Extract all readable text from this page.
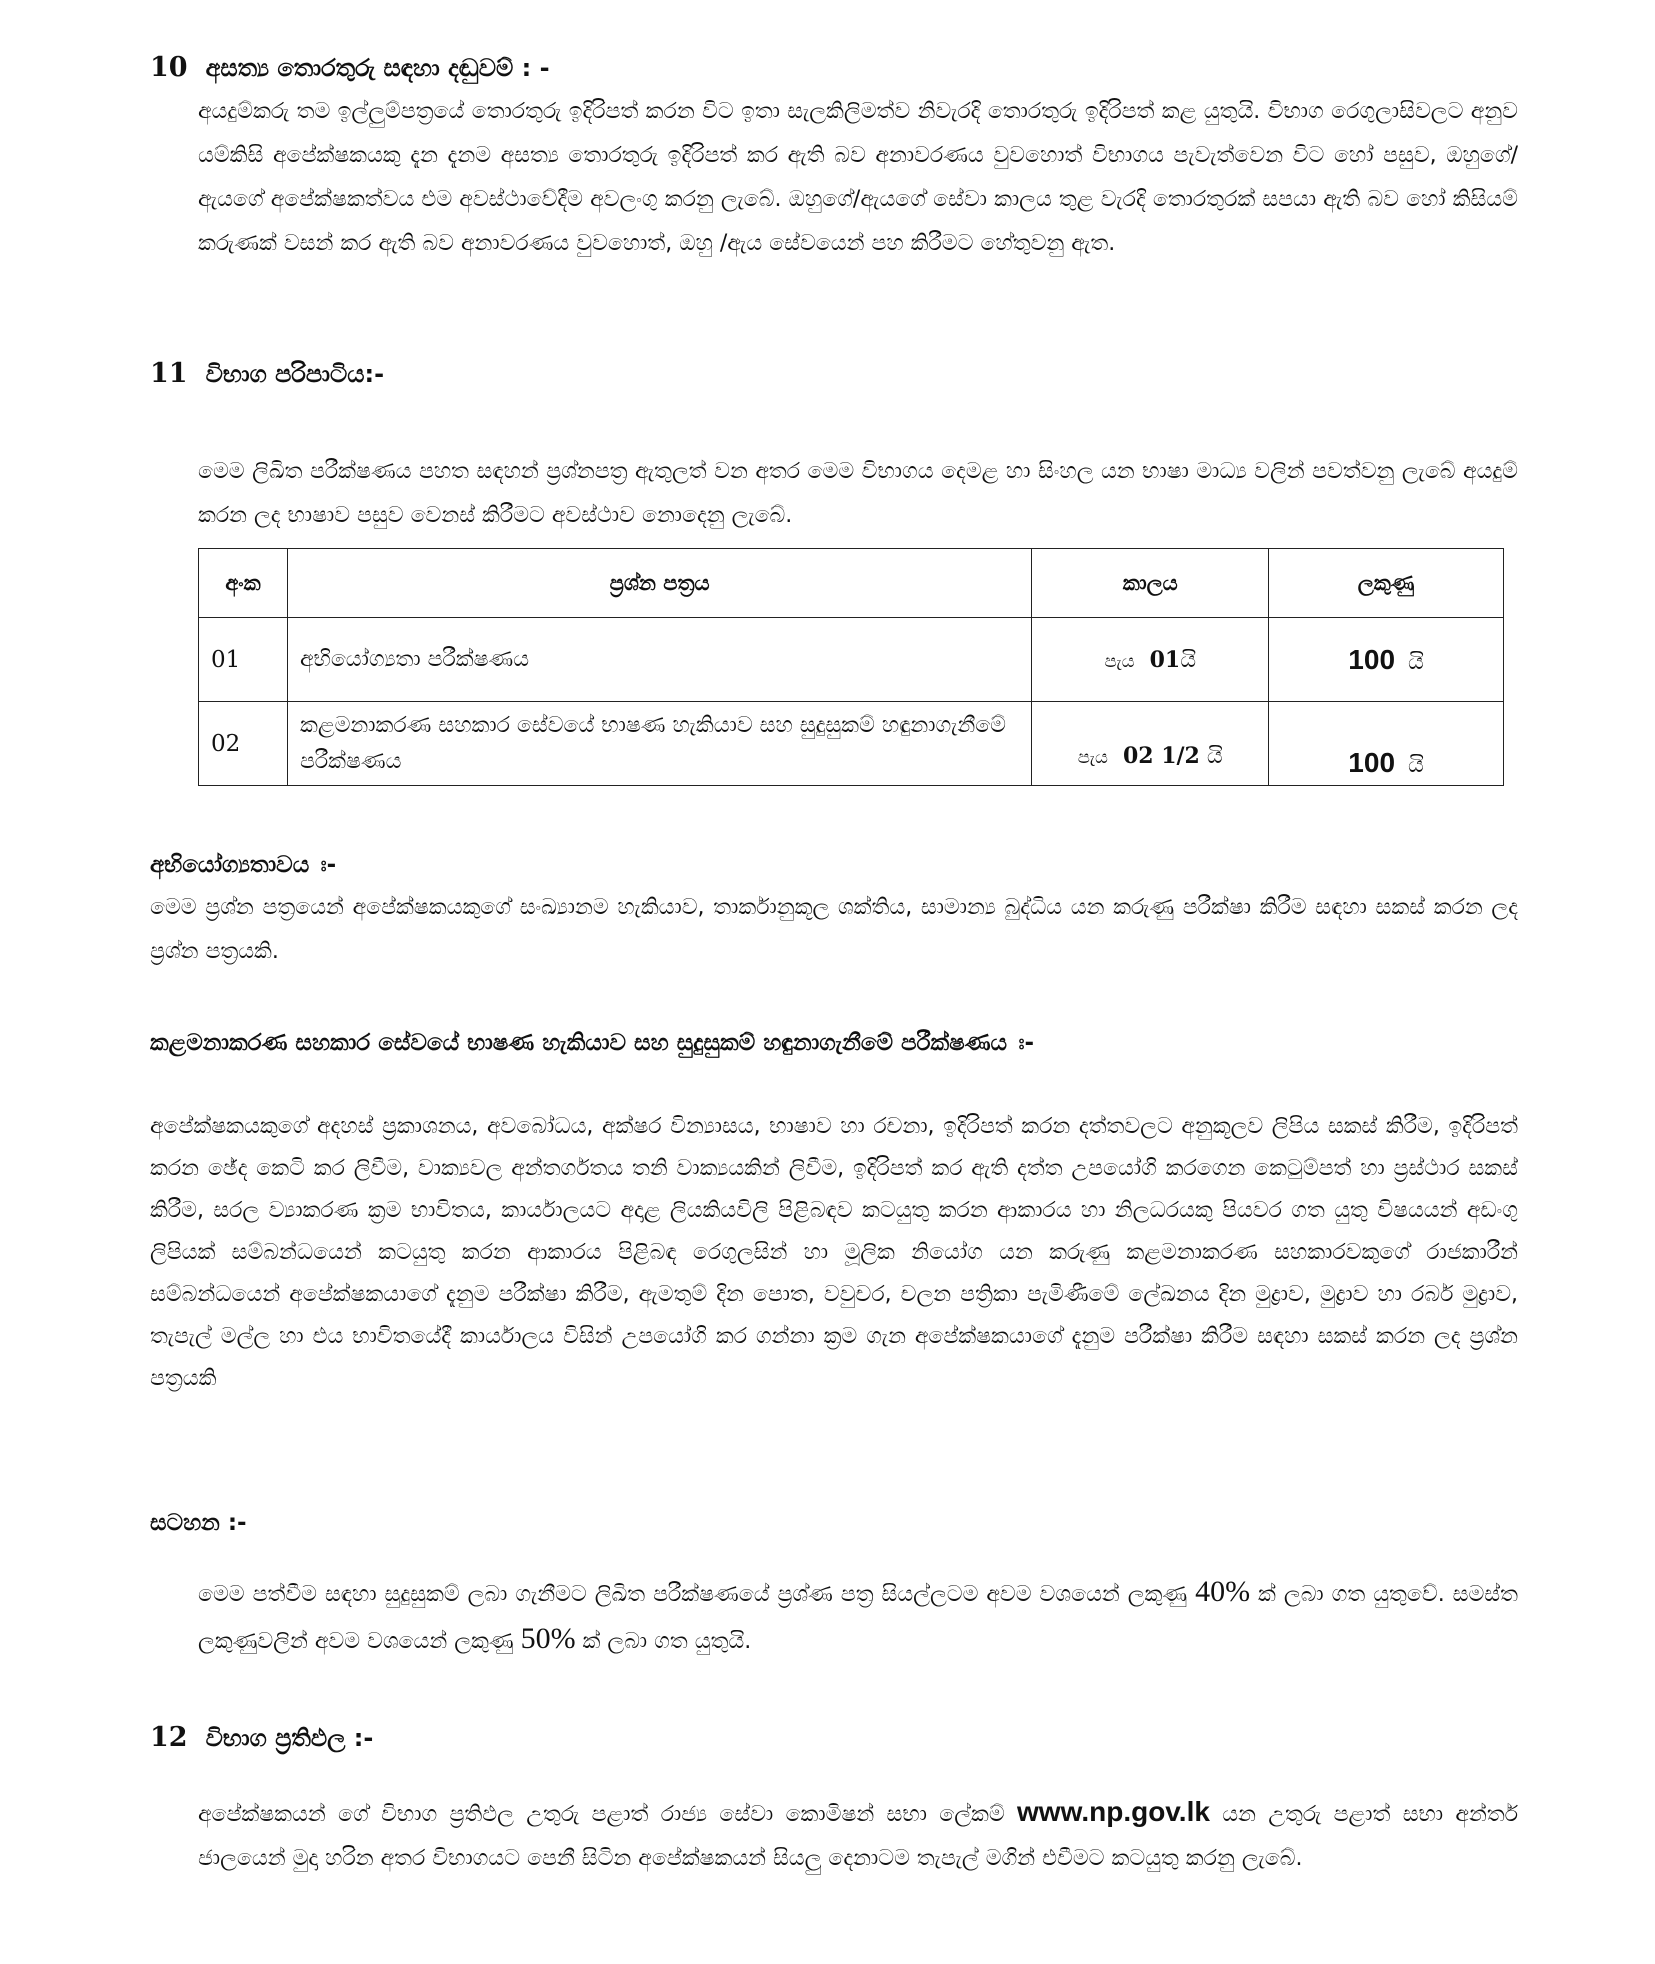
10 අසත්‍ය තොරතුරු සඳහා දඬුවම් : -
අයදුම්කරු තම ඉල්ලුම්පත්‍රයේ තොරතුරු ඉදිරිපත් කරන විට ඉතා සැලකිලිමත්ව නිවැරදි තොරතුරු ඉදිරිපත් කළ යුතුයි. විභාග රෙගුලාසිවලට අනුව යම්කිසි අපේක්ෂකයකු දැන දැනම අසත්‍ය තොරතුරු ඉදිරිපත් කර ඇති බව අනාවරණය වුවහොත් විභාගය පැවැත්වෙන විට හෝ පසුව, ඔහුගේ/ඇයගේ අපේක්ෂකත්වය එම අවස්ථාවේදීම අවලංගු කරනු ලැබේ. ඔහුගේ/ඇයගේ සේවා කාලය තුළ වැරදි තොරතුරක් සපයා ඇති බව හෝ කිසියම් කරුණක් වසන් කර ඇති බව අනාවරණය වුවහොත්, ඔහු /ඇය සේවයෙන් පහ කිරීමට හේතුවනු ඇත.
11 විභාග පරිපාටිය:-
මෙම ලිඛිත පරීක්ෂණය පහත සඳහන් ප්‍රශ්නපත්‍ර ඇතුලත් වන අතර මෙම විභාගය දෙමළ හා සිංහල යන භාෂා මාධ්‍ය වලින් පවත්වනු ලැබේ අයදුම් කරන ලද භාෂාව පසුව වෙනස් කිරීමට අවස්ථාව නොදෙනු ලැබේ.
අංක	ප්‍රශ්න පත්‍රය	කාලය	ලකුණු
01	අභියෝග්‍යතා පරීක්ෂණය	පැය 01යි	100 යි
02	කළමනාකරණ සහකාර සේවයේ භාෂණ හැකියාව සහ සුදුසුකම් හඳුනාගැනීමේ පරීක්ෂණය	පැය 02 1/2 යි	100 යි
අභියෝග්‍යතාවය ඃ-
මෙම ප්‍රශ්න පත්‍රයෙන් අපේක්ෂකයකුගේ සංඛ්‍යානම හැකියාව, තාර්කානුකූල ශක්තිය, සාමාන්‍ය බුද්ධිය යන කරුණු පරීක්ෂා කිරීම සඳහා සකස් කරන ලද ප්‍රශ්න පත්‍රයකි.
කළමනාකරණ සහකාර සේවයේ භාෂණ හැකියාව සහ සුදුසුකම් හඳුනාගැනීමේ පරීක්ෂණය ඃ-
අපේක්ෂකයකුගේ අදහස් ප්‍රකාශනය, අවබෝධය, අක්ෂර වින්‍යාසය, භාෂාව හා රචනා, ඉදිරිපත් කරන දත්තවලට අනුකූලව ලිපිය සකස් කිරීම, ඉදිරිපත් කරන ඡේද කෙටි කර ලිවීම, වාක්‍යවල අන්තර්ගතය තනි වාක්‍යයකින් ලිවීම, ඉදිරිපත් කර ඇති දත්ත උපයෝගි කරගෙන කෙටුම්පත් හා ප්‍රස්ථාර සකස් කිරීම, සරල ව්‍යාකරණ ක්‍රම භාවිතය, කාර්යාලයට අදාළ ලියකියවිලි පිළිබඳව කටයුතු කරන ආකාරය හා නිලධරයකු පියවර ගත යුතු විෂයයන් අඩංගු ලිපියක් සම්බන්ධයෙන් කටයුතු කරන ආකාරය පිළිබඳ රෙගුලසින් හා මූලික නියෝග යන කරුණු කළමනාකරණ සහකාරවකුගේ රාජකාරීන් සම්බන්ධයෙන් අපේක්ෂකයාගේ දැනුම පරීක්ෂා කිරීම, ඇමතුම් දින පොත, වවුචර, චලන පත්‍රිකා පැමිණීමේ ලේඛනය දින මුද්‍රාව, මුද්‍රාව හා රබර් මුද්‍රාව, තැපැල් මල්ල හා එය භාවිතයේදී කාර්යාලය විසින් උපයෝගි කර ගන්නා ක්‍රම ගැන අපේක්ෂකයාගේ දැනුම පරීක්ෂා කිරීම සඳහා සකස් කරන ලද ප්‍රශ්න පත්‍රයකි
සටහන :-
මෙම පත්වීම සඳහා සුදුසුකම් ලබා ගැනීමට ලිඛිත පරීක්ෂණයේ ප්‍රශ්ණ පත්‍ර සියල්ලටම අවම වශයෙන් ලකුණු 40% ක් ලබා ගත යුතුවේ. සමස්ත ලකුණුවලින් අවම වශයෙන් ලකුණු 50% ක් ලබා ගත යුතුයි.
12 විභාග ප්‍රතිඵල :-
අපේක්ෂකයන් ගේ විභාග ප්‍රතිඵල උතුරු පළාත් රාජ්‍ය සේවා කොමිෂන් සභා ලේකම් www.np.gov.lk යන උතුරු පළාත් සභා අන්තර් ජාලයෙන් මුදා හරින අතර විභාගයට පෙනී සිටින අපේක්ෂකයන් සියලු දෙනාටම තැපැල් මගින් එවීමට කටයුතු කරනු ලැබේ.
